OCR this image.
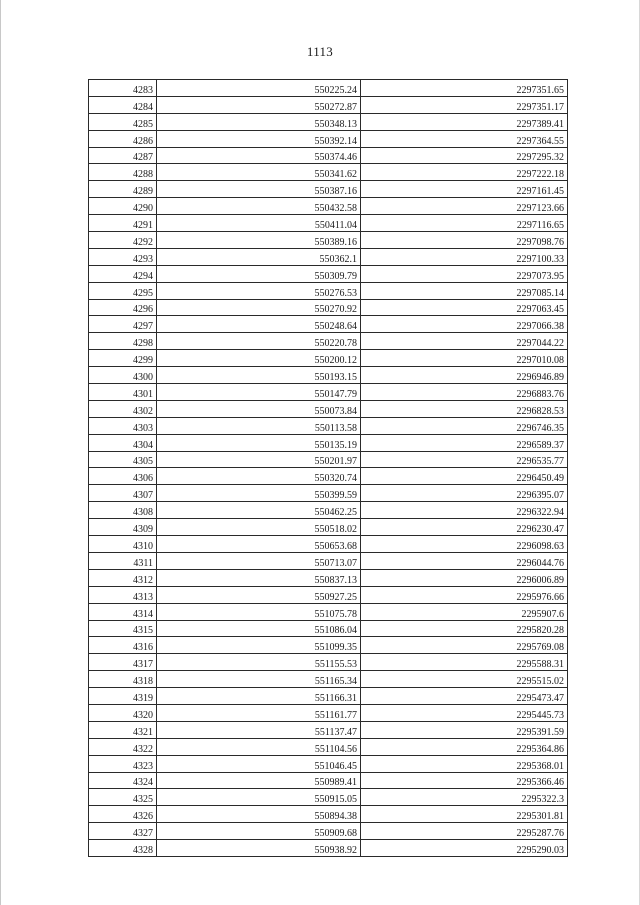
1113
4283	550225.24	2297351.65
4284	550272.87	2297351.17
4285	550348.13	2297389.41
4286	550392.14	2297364.55
4287	550374.46	2297295.32
4288	550341.62	2297222.18
4289	550387.16	2297161.45
4290	550432.58	2297123.66
4291	550411.04	2297116.65
4292	550389.16	2297098.76
4293	550362.1	2297100.33
4294	550309.79	2297073.95
4295	550276.53	2297085.14
4296	550270.92	2297063.45
4297	550248.64	2297066.38
4298	550220.78	2297044.22
4299	550200.12	2297010.08
4300	550193.15	2296946.89
4301	550147.79	2296883.76
4302	550073.84	2296828.53
4303	550113.58	2296746.35
4304	550135.19	2296589.37
4305	550201.97	2296535.77
4306	550320.74	2296450.49
4307	550399.59	2296395.07
4308	550462.25	2296322.94
4309	550518.02	2296230.47
4310	550653.68	2296098.63
4311	550713.07	2296044.76
4312	550837.13	2296006.89
4313	550927.25	2295976.66
4314	551075.78	2295907.6
4315	551086.04	2295820.28
4316	551099.35	2295769.08
4317	551155.53	2295588.31
4318	551165.34	2295515.02
4319	551166.31	2295473.47
4320	551161.77	2295445.73
4321	551137.47	2295391.59
4322	551104.56	2295364.86
4323	551046.45	2295368.01
4324	550989.41	2295366.46
4325	550915.05	2295322.3
4326	550894.38	2295301.81
4327	550909.68	2295287.76
4328	550938.92	2295290.03
